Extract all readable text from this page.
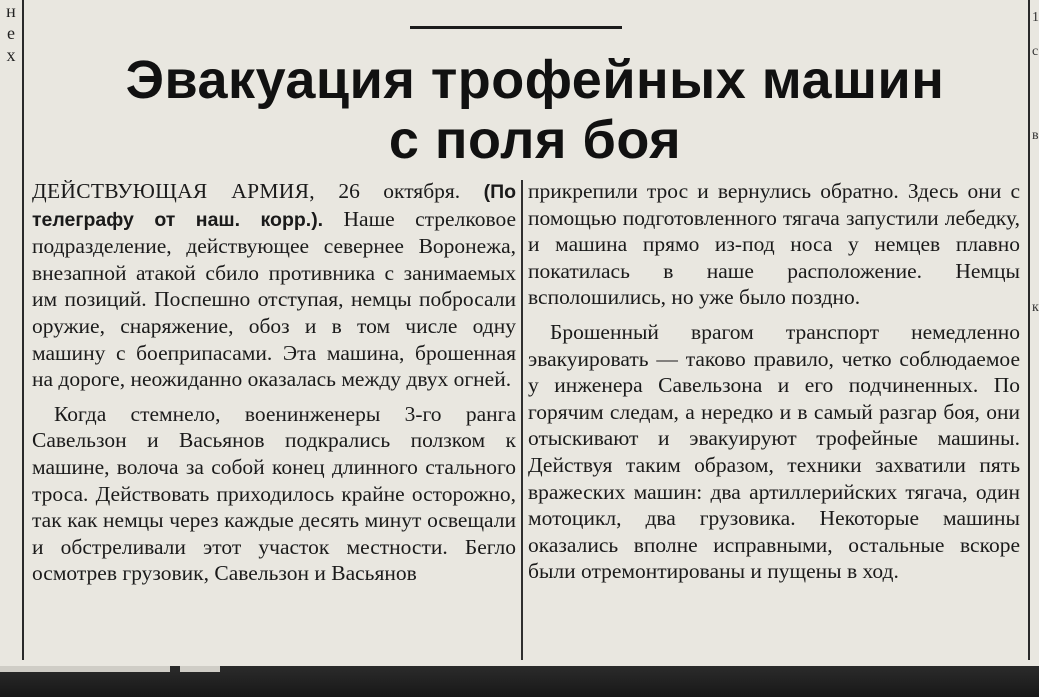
н
е
х
1
с
в
к
Эвакуация трофейных машин
с поля боя

ДЕЙСТВУЮЩАЯ АРМИЯ, 26 октября. (По телеграфу от наш. корр.). Наше стрелковое подразделение, действующее севернее Воронежа, внезапной атакой сбило противника с занимаемых им позиций. Поспешно отступая, немцы побросали оружие, снаряжение, обоз и в том числе одну машину с боеприпасами. Эта машина, брошенная на дороге, неожиданно оказалась между двух огней.

Когда стемнело, военинженеры 3-го ранга Савельзон и Васьянов подкрались ползком к машине, волоча за собой конец длинного стального троса. Действовать приходилось крайне осторожно, так как немцы через каждые десять минут освещали и обстреливали этот участок местности. Бегло осмотрев грузовик, Савельзон и Васьянов

прикрепили трос и вернулись обратно. Здесь они с помощью подготовленного тягача запустили лебедку, и машина прямо из-под носа у немцев плавно покатилась в наше расположение. Немцы всполошились, но уже было поздно.

Брошенный врагом транспорт немедленно эвакуировать — таково правило, четко соблюдаемое у инженера Савельзона и его подчиненных. По горячим следам, а нередко и в самый разгар боя, они отыскивают и эвакуируют трофейные машины. Действуя таким образом, техники захватили пять вражеских машин: два артиллерийских тягача, один мотоцикл, два грузовика. Некоторые машины оказались вполне исправными, остальные вскоре были отремонтированы и пущены в ход.
